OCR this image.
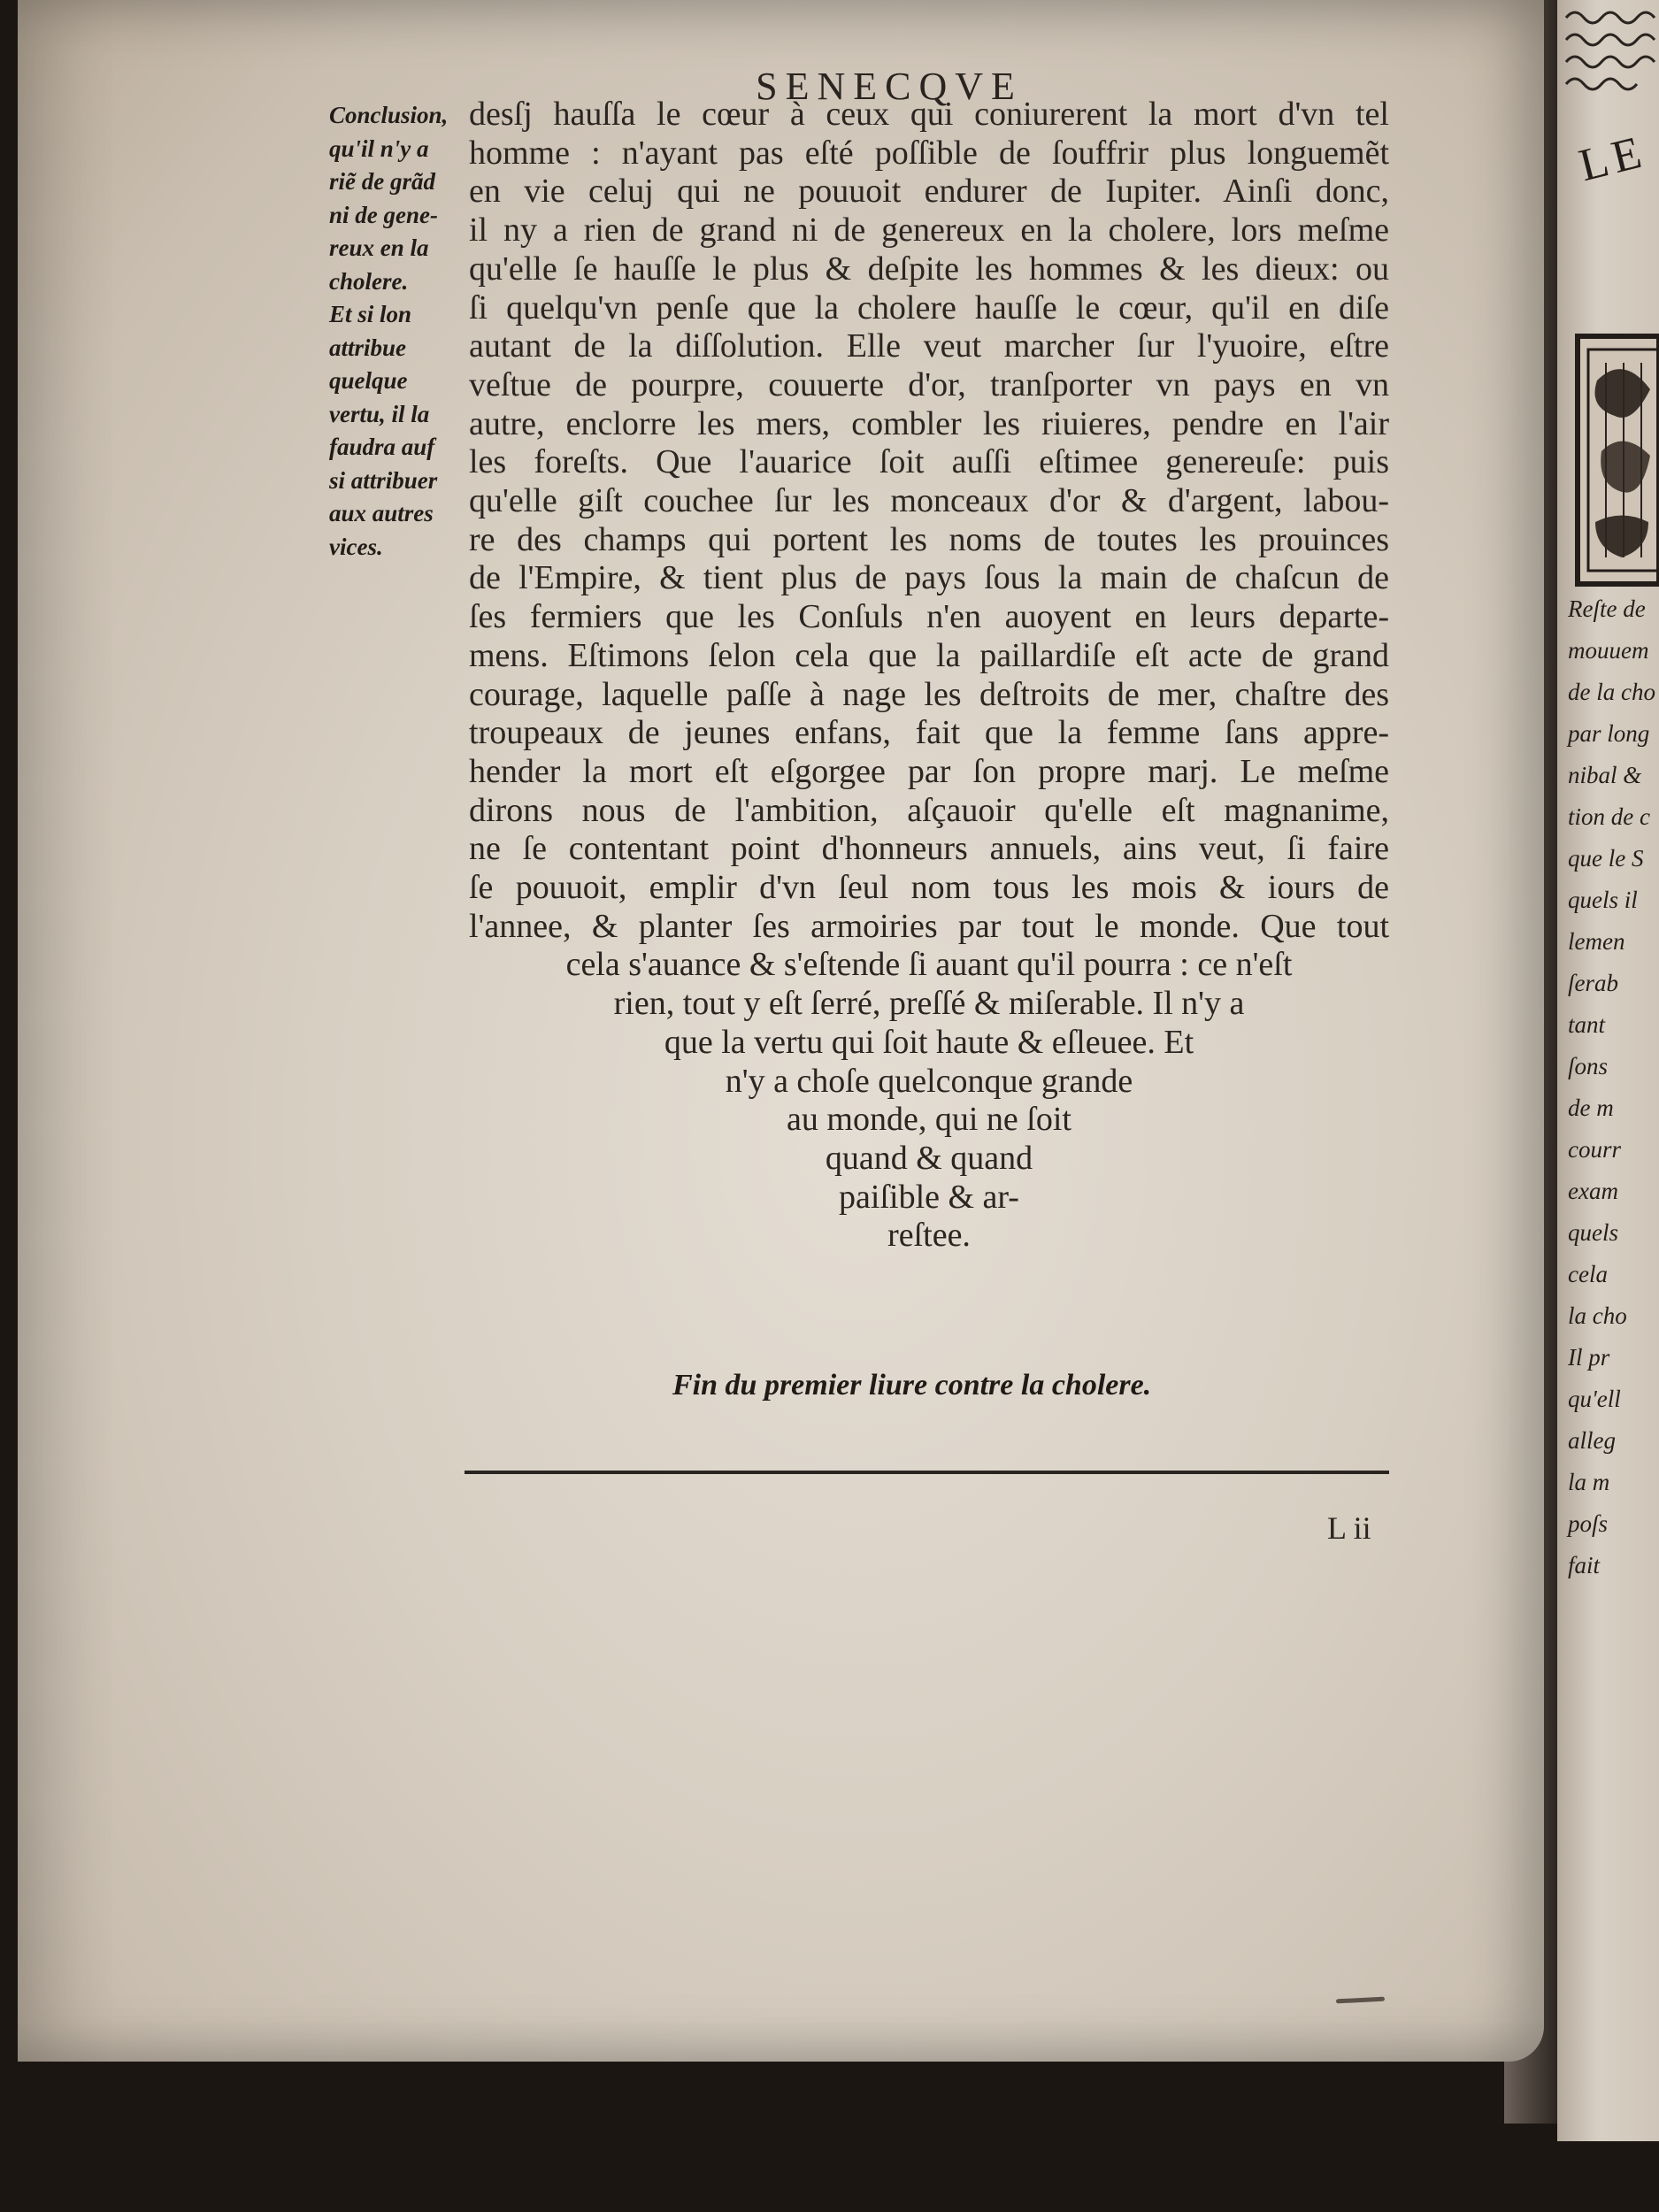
SENECQVE
Conclusion,
qu'il n'y a
riẽ de grãd
ni de gene-
reux en la
cholere.
Et si lon
attribue
quelque
vertu, il la
faudra auf
si attribuer
aux autres
vices.
desſj hauſſa le cœur à ceux qui coniurerent la mort d'vn tel
homme : n'ayant pas eſté poſſible de ſouffrir plus longuemẽt
en vie celuj qui ne pouuoit endurer de Iupiter. Ainſi donc,
il ny a rien de grand ni de genereux en la cholere, lors meſme
qu'elle ſe hauſſe le plus & deſpite les hommes & les dieux: ou
ſi quelqu'vn penſe que la cholere hauſſe le cœur, qu'il en diſe
autant de la diſſolution. Elle veut marcher ſur l'yuoire, eſtre
veſtue de pourpre, couuerte d'or, tranſporter vn pays en vn
autre, enclorre les mers, combler les riuieres, pendre en l'air
les foreſts. Que l'auarice ſoit auſſi eſtimee genereuſe: puis
qu'elle giſt couchee ſur les monceaux d'or & d'argent, labou-
re des champs qui portent les noms de toutes les prouinces
de l'Empire, & tient plus de pays ſous la main de chaſcun de
ſes fermiers que les Conſuls n'en auoyent en leurs departe-
mens. Eſtimons ſelon cela que la paillardiſe eſt acte de grand
courage, laquelle paſſe à nage les deſtroits de mer, chaſtre des
troupeaux de jeunes enfans, fait que la femme ſans appre-
hender la mort eſt eſgorgee par ſon propre marj. Le meſme
dirons nous de l'ambition, aſçauoir qu'elle eſt magnanime,
ne ſe contentant point d'honneurs annuels, ains veut, ſi faire
ſe pouuoit, emplir d'vn ſeul nom tous les mois & iours de
l'annee, & planter ſes armoiries par tout le monde. Que tout
cela s'auance & s'eſtende ſi auant qu'il pourra : ce n'eſt
rien, tout y eſt ſerré, preſſé & miſerable. Il n'y a
que la vertu qui ſoit haute & eſleuee. Et
n'y a choſe quelconque grande
au monde, qui ne ſoit
quand & quand
paiſible & ar-
reſtee.
Fin du premier liure contre la cholere.
L ii
LE
Reſte de
mouuem
de la cho
par long
nibal &
tion de c
que le S
quels il
lemen
ſerab
tant
ſons
de m
courr
exam
quels
cela
la cho
Il pr
qu'ell
alleg
la m
poſs
fait
